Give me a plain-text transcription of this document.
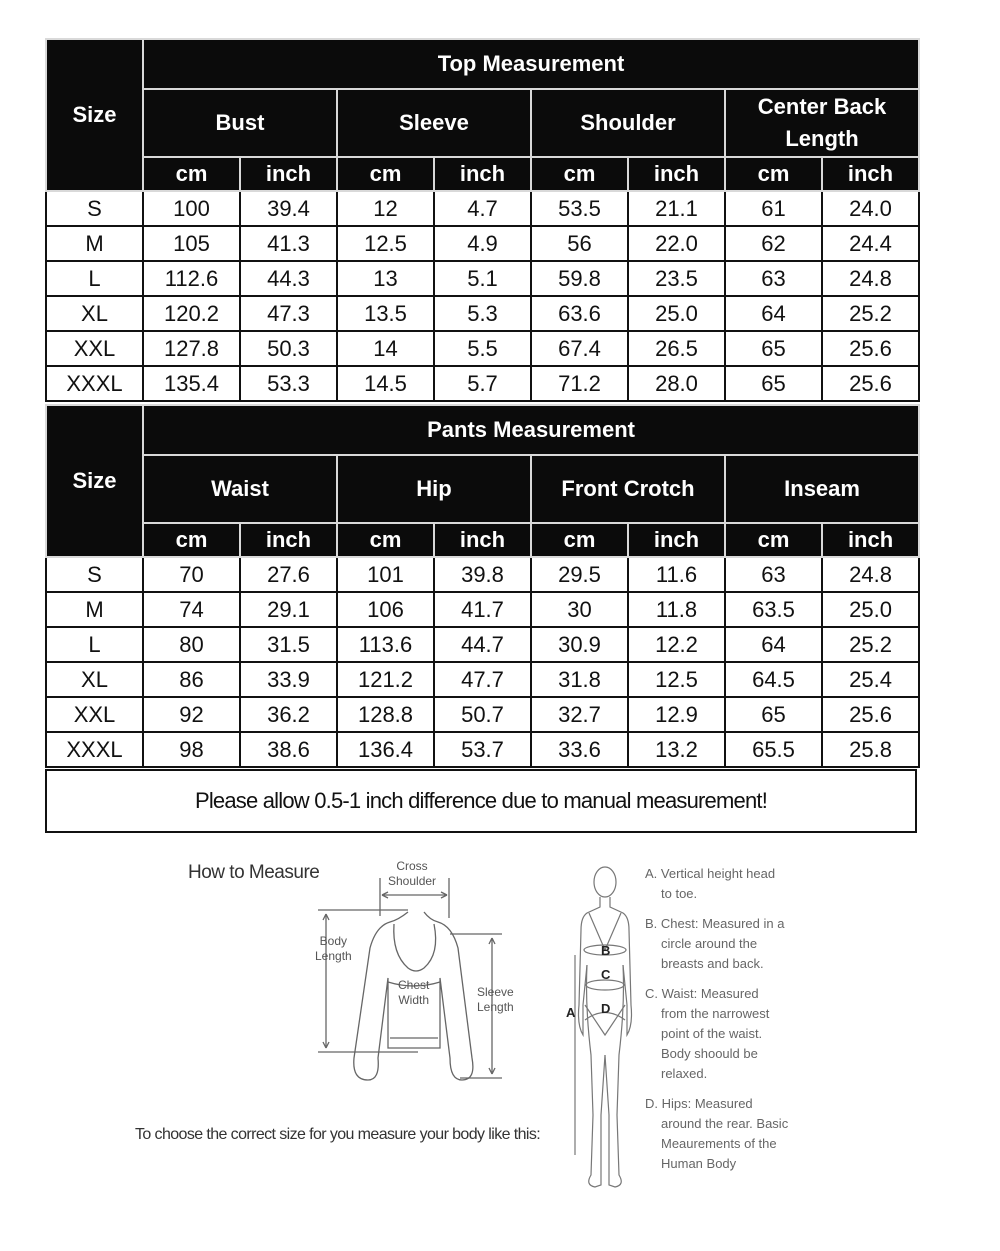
Size	Top Measurement							
	Bust		Sleeve		Shoulder		Center Back Length	
	cm	inch	cm	inch	cm	inch	cm	inch
S	100	39.4	12	4.7	53.5	21.1	61	24.0
M	105	41.3	12.5	4.9	56	22.0	62	24.4
L	112.6	44.3	13	5.1	59.8	23.5	63	24.8
XL	120.2	47.3	13.5	5.3	63.6	25.0	64	25.2
XXL	127.8	50.3	14	5.5	67.4	26.5	65	25.6
XXXL	135.4	53.3	14.5	5.7	71.2	28.0	65	25.6
Size	Pants Measurement							
	Waist		Hip		Front Crotch		Inseam	
	cm	inch	cm	inch	cm	inch	cm	inch
S	70	27.6	101	39.8	29.5	11.6	63	24.8
M	74	29.1	106	41.7	30	11.8	63.5	25.0
L	80	31.5	113.6	44.7	30.9	12.2	64	25.2
XL	86	33.9	121.2	47.7	31.8	12.5	64.5	25.4
XXL	92	36.2	128.8	50.7	32.7	12.9	65	25.6
XXXL	98	38.6	136.4	53.7	33.6	13.2	65.5	25.8
Please allow 0.5-1 inch difference due to manual measurement!
How to Measure	Cross
Shoulder
Body
Length
Chest
Width
Sleeve
Length
To choose the correct size for you measure your body like this:
B
C
D
A
A. Vertical height head
to toe.
B. Chest: Measured in a
circle around the breasts and back.
C. Waist: Measured
from the narrowest point of the waist. Body shoould be relaxed.
D. Hips: Measured
around the rear. Basic Meaurements of the Human Body
